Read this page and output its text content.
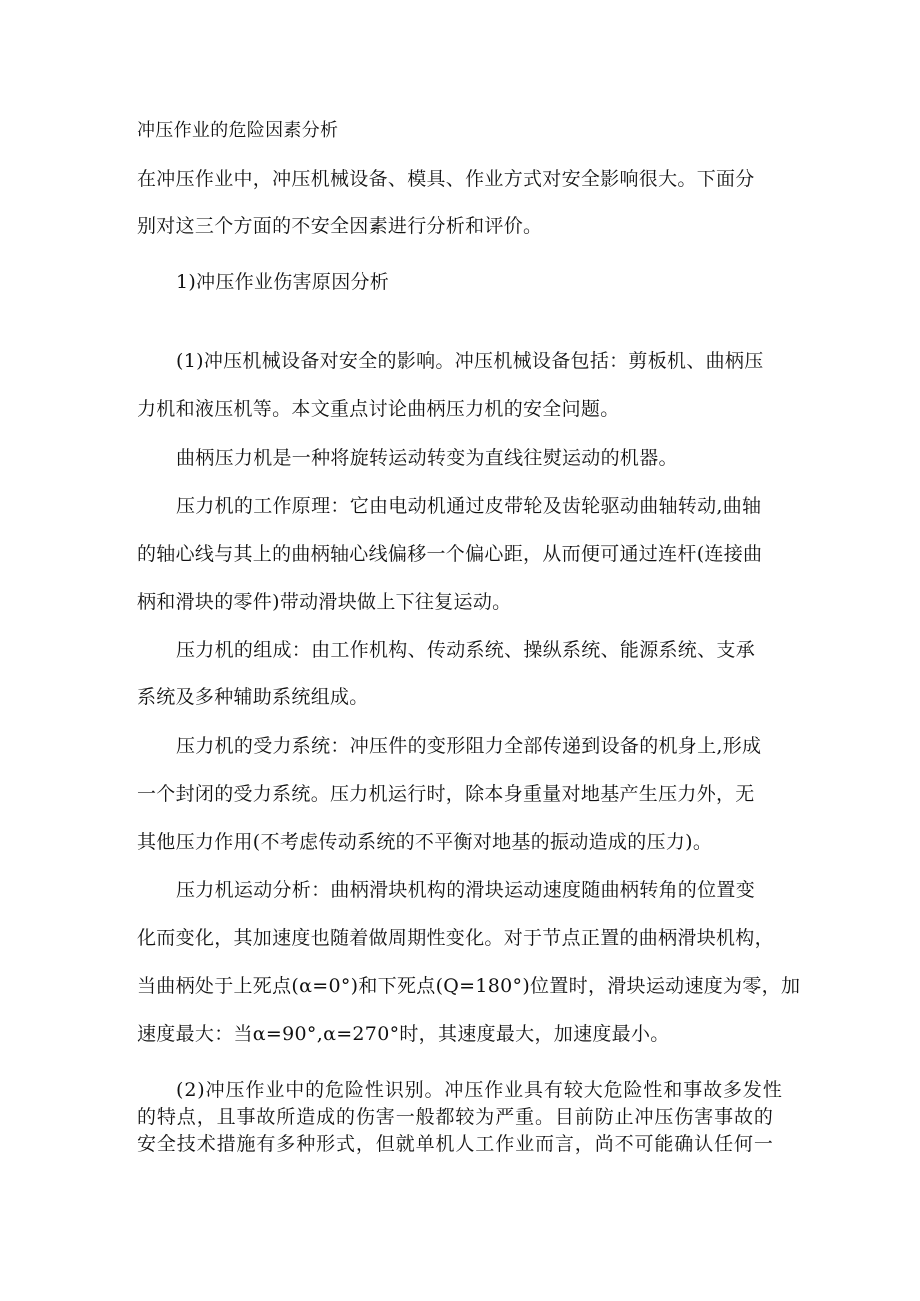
冲压作业的危险因素分析
在冲压作业中，冲压机械设备、模具、作业方式对安全影响很大。下面分
别对这三个方面的不安全因素进行分析和评价。
1)冲压作业伤害原因分析
(1)冲压机械设备对安全的影响。冲压机械设备包括：剪板机、曲柄压
力机和液压机等。本文重点讨论曲柄压力机的安全问题。
曲柄压力机是一种将旋转运动转变为直线往熨运动的机器。
压力机的工作原理：它由电动机通过皮带轮及齿轮驱动曲轴转动,曲轴
的轴心线与其上的曲柄轴心线偏移一个偏心距，从而便可通过连杆(连接曲
柄和滑块的零件)带动滑块做上下往复运动。
压力机的组成：由工作机构、传动系统、操纵系统、能源系统、支承
系统及多种辅助系统组成。
压力机的受力系统：冲压件的变形阻力全部传递到设备的机身上,形成
一个封闭的受力系统。压力机运行时，除本身重量对地基产生压力外，无
其他压力作用(不考虑传动系统的不平衡对地基的振动造成的压力)。
压力机运动分析：曲柄滑块机构的滑块运动速度随曲柄转角的位置变
化而变化，其加速度也随着做周期性变化。对于节点正置的曲柄滑块机构，
当曲柄处于上死点(α=0°)和下死点(Q=180°)位置时，滑块运动速度为零，加
速度最大：当α=90°,α=270°时，其速度最大，加速度最小。
(2)冲压作业中的危险性识别。冲压作业具有较大危险性和事故多发性
的特点，且事故所造成的伤害一般都较为严重。目前防止冲压伤害事故的
安全技术措施有多种形式，但就单机人工作业而言，尚不可能确认任何一
